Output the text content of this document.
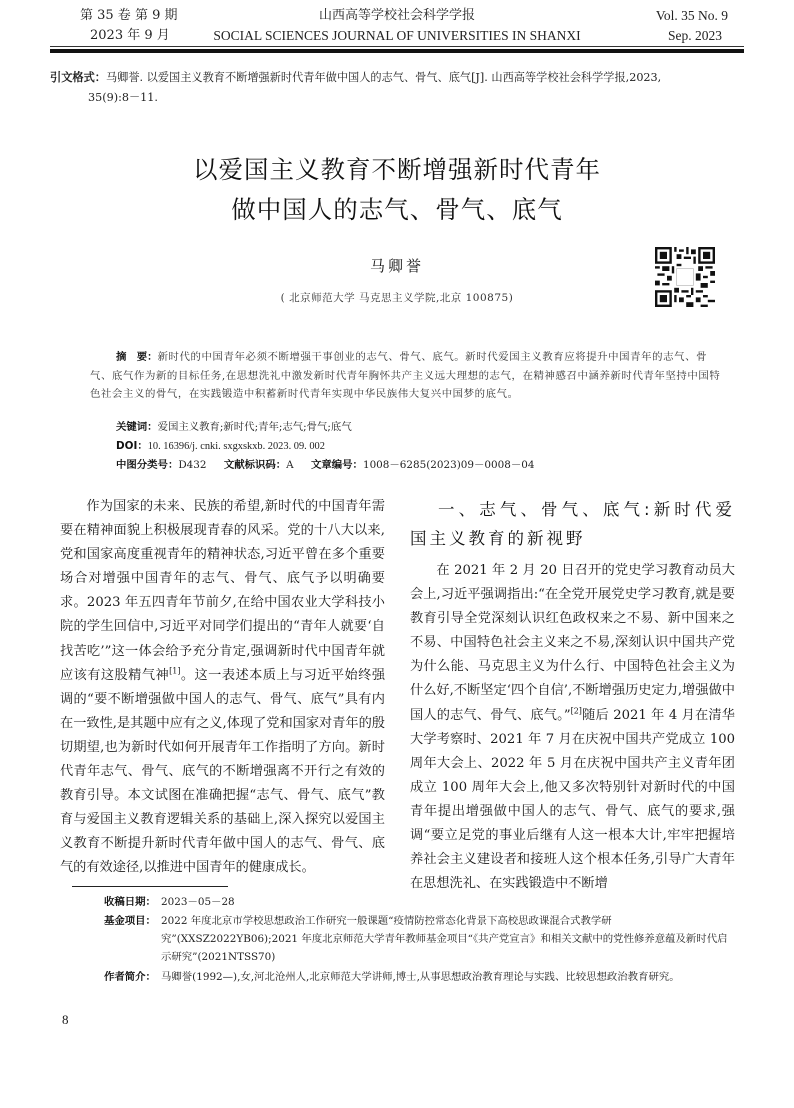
第 35 卷 第 9 期	山西高等学校社会科学学报	Vol. 35 No. 9
2023 年 9 月	SOCIAL SCIENCES JOURNAL OF UNIVERSITIES IN SHANXI	Sep. 2023
引文格式：马卿誉. 以爱国主义教育不断增强新时代青年做中国人的志气、骨气、底气[J]. 山西高等学校社会科学学报,2023,
35(9):8－11.
以爱国主义教育不断增强新时代青年
做中国人的志气、骨气、底气
马卿誉
( 北京师范大学 马克思主义学院,北京 100875)
摘　要：新时代的中国青年必须不断增强干事创业的志气、骨气、底气。新时代爱国主义教育应将提升中国青年的志气、骨气、底气作为新的目标任务,在思想洗礼中激发新时代青年胸怀共产主义远大理想的志气，在精神感召中涵养新时代青年坚持中国特色社会主义的骨气，在实践锻造中积蓄新时代青年实现中华民族伟大复兴中国梦的底气。
关键词：爱国主义教育;新时代;青年;志气;骨气;底气
DOI：10. 16396/j. cnki. sxgxskxb. 2023. 09. 002
中图分类号：D432 文献标识码：A 文章编号：1008－6285(2023)09－0008－04

作为国家的未来、民族的希望,新时代的中国青年需要在精神面貌上积极展现青春的风采。党的十八大以来,党和国家高度重视青年的精神状态,习近平曾在多个重要场合对增强中国青年的志气、骨气、底气予以明确要求。2023 年五四青年节前夕,在给中国农业大学科技小院的学生回信中,习近平对同学们提出的“青年人就要‘自找苦吃’”这一体会给予充分肯定,强调新时代中国青年就应该有这股精气神[1]。这一表述本质上与习近平始终强调的“要不断增强做中国人的志气、骨气、底气”具有内在一致性,是其题中应有之义,体现了党和国家对青年的殷切期望,也为新时代如何开展青年工作指明了方向。新时代青年志气、骨气、底气的不断增强离不开行之有效的教育引导。本文试图在准确把握“志气、骨气、底气”教育与爱国主义教育逻辑关系的基础上,深入探究以爱国主义教育不断提升新时代青年做中国人的志气、骨气、底气的有效途径,以推进中国青年的健康成长。

一、志气、骨气、底气:新时代爱国主义教育的新视野

在 2021 年 2 月 20 日召开的党史学习教育动员大会上,习近平强调指出:“在全党开展党史学习教育,就是要教育引导全党深刻认识红色政权来之不易、新中国来之不易、中国特色社会主义来之不易,深刻认识中国共产党为什么能、马克思主义为什么行、中国特色社会主义为什么好,不断坚定‘四个自信’,不断增强历史定力,增强做中国人的志气、骨气、底气。”[2]随后 2021 年 4 月在清华大学考察时、2021 年 7 月在庆祝中国共产党成立 100 周年大会上、2022 年 5 月在庆祝中国共产主义青年团成立 100 周年大会上,他又多次特别针对新时代的中国青年提出增强做中国人的志气、骨气、底气的要求,强调“要立足党的事业后继有人这一根本大计,牢牢把握培养社会主义建设者和接班人这个根本任务,引导广大青年在思想洗礼、在实践锻造中不断增

收稿日期： 2023－05－28
基金项目： 2022 年度北京市学校思想政治工作研究一般课题“疫情防控常态化背景下高校思政课混合式教学研究”(XXSZ2022YB06);2021 年度北京师范大学青年教师基金项目“《共产党宣言》和相关文献中的党性修养意蕴及新时代启示研究”(2021NTSS70)
作者简介： 马卿誉(1992—),女,河北沧州人,北京师范大学讲师,博士,从事思想政治教育理论与实践、比较思想政治教育研究。
8
